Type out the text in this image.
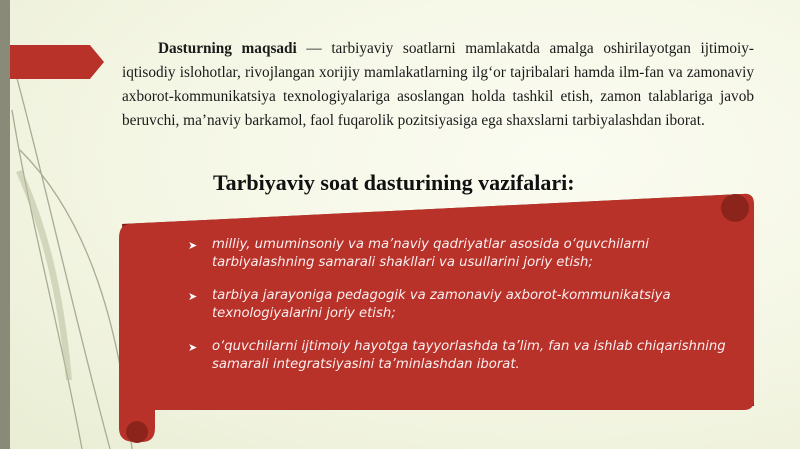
Dasturning maqsadi — tarbiyaviy soatlarni mamlakatda amalga oshirilayotgan ijtimoiy-iqtisodiy islohotlar, rivojlangan xorijiy mamlakatlarning ilg‘or tajribalari hamda ilm-fan va zamonaviy axborot-kommunikatsiya texnologiyalariga asoslangan holda tashkil etish, zamon talablariga javob beruvchi, ma’naviy barkamol, faol fuqarolik pozitsiyasiga ega shaxslarni tarbiyalashdan iborat.

Tarbiyaviy soat dasturining vazifalari:
➤ milliy, umuminsoniy va ma’naviy qadriyatlar asosida o‘quvchilarni tarbiyalashning samarali shakllari va usullarini joriy etish;
➤ tarbiya jarayoniga pedagogik va zamonaviy axborot-kommunikatsiya texnologiyalarini joriy etish;
➤ o‘quvchilarni ijtimoiy hayotga tayyorlashda ta’lim, fan va ishlab chiqarishning samarali integratsiyasini ta’minlashdan iborat.
